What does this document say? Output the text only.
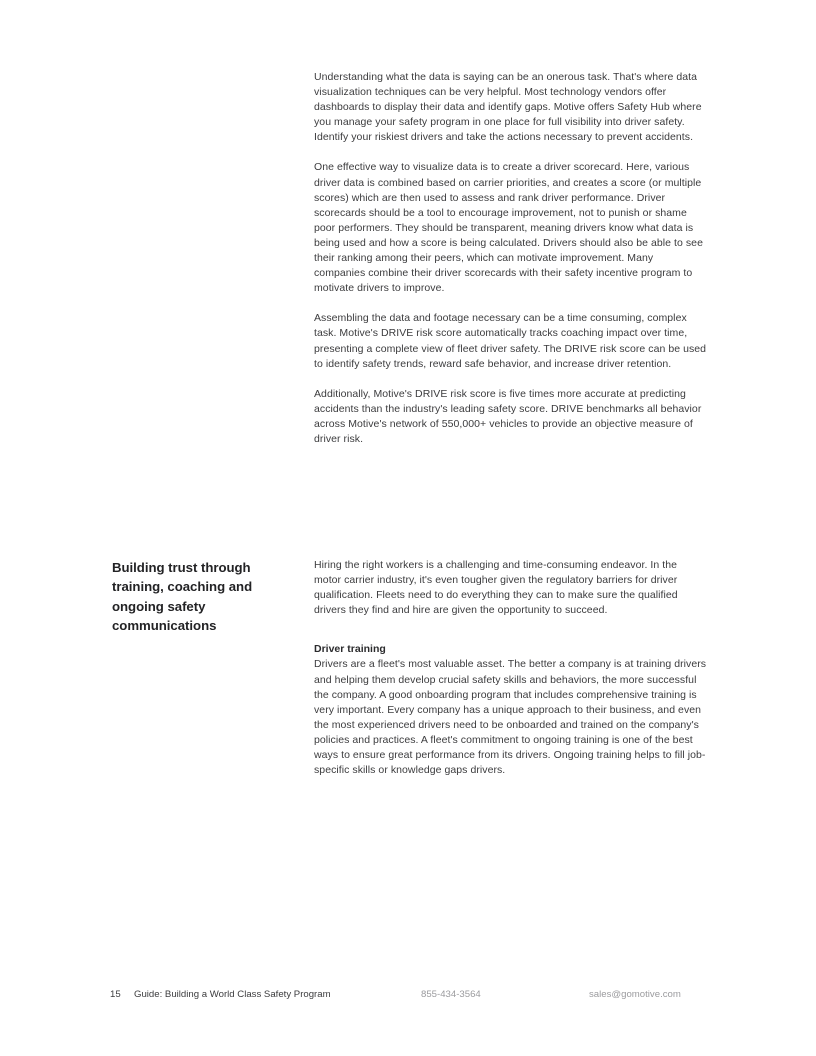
Understanding what the data is saying can be an onerous task. That's where data visualization techniques can be very helpful. Most technology vendors offer dashboards to display their data and identify gaps. Motive offers Safety Hub where you manage your safety program in one place for full visibility into driver safety. Identify your riskiest drivers and take the actions necessary to prevent accidents.

One effective way to visualize data is to create a driver scorecard. Here, various driver data is combined based on carrier priorities, and creates a score (or multiple scores) which are then used to assess and rank driver performance. Driver scorecards should be a tool to encourage improvement, not to punish or shame poor performers. They should be transparent, meaning drivers know what data is being used and how a score is being calculated. Drivers should also be able to see their ranking among their peers, which can motivate improvement. Many companies combine their driver scorecards with their safety incentive program to motivate drivers to improve.

Assembling the data and footage necessary can be a time consuming, complex task. Motive's DRIVE risk score automatically tracks coaching impact over time, presenting a complete view of fleet driver safety. The DRIVE risk score can be used to identify safety trends, reward safe behavior, and increase driver retention.

Additionally, Motive's DRIVE risk score is five times more accurate at predicting accidents than the industry's leading safety score. DRIVE benchmarks all behavior across Motive's network of 550,000+ vehicles to provide an objective measure of driver risk.

Building trust through training, coaching and ongoing safety communications

Hiring the right workers is a challenging and time-consuming endeavor. In the motor carrier industry, it's even tougher given the regulatory barriers for driver qualification. Fleets need to do everything they can to make sure the qualified drivers they find and hire are given the opportunity to succeed.

Driver training

Drivers are a fleet's most valuable asset. The better a company is at training drivers and helping them develop crucial safety skills and behaviors, the more successful the company. A good onboarding program that includes comprehensive training is very important. Every company has a unique approach to their business, and even the most experienced drivers need to be onboarded and trained on the company's policies and practices. A fleet's commitment to ongoing training is one of the best ways to ensure great performance from its drivers. Ongoing training helps to fill job-specific skills or knowledge gaps drivers.

15 Guide: Building a World Class Safety Program	855-434-3564	sales@gomotive.com
